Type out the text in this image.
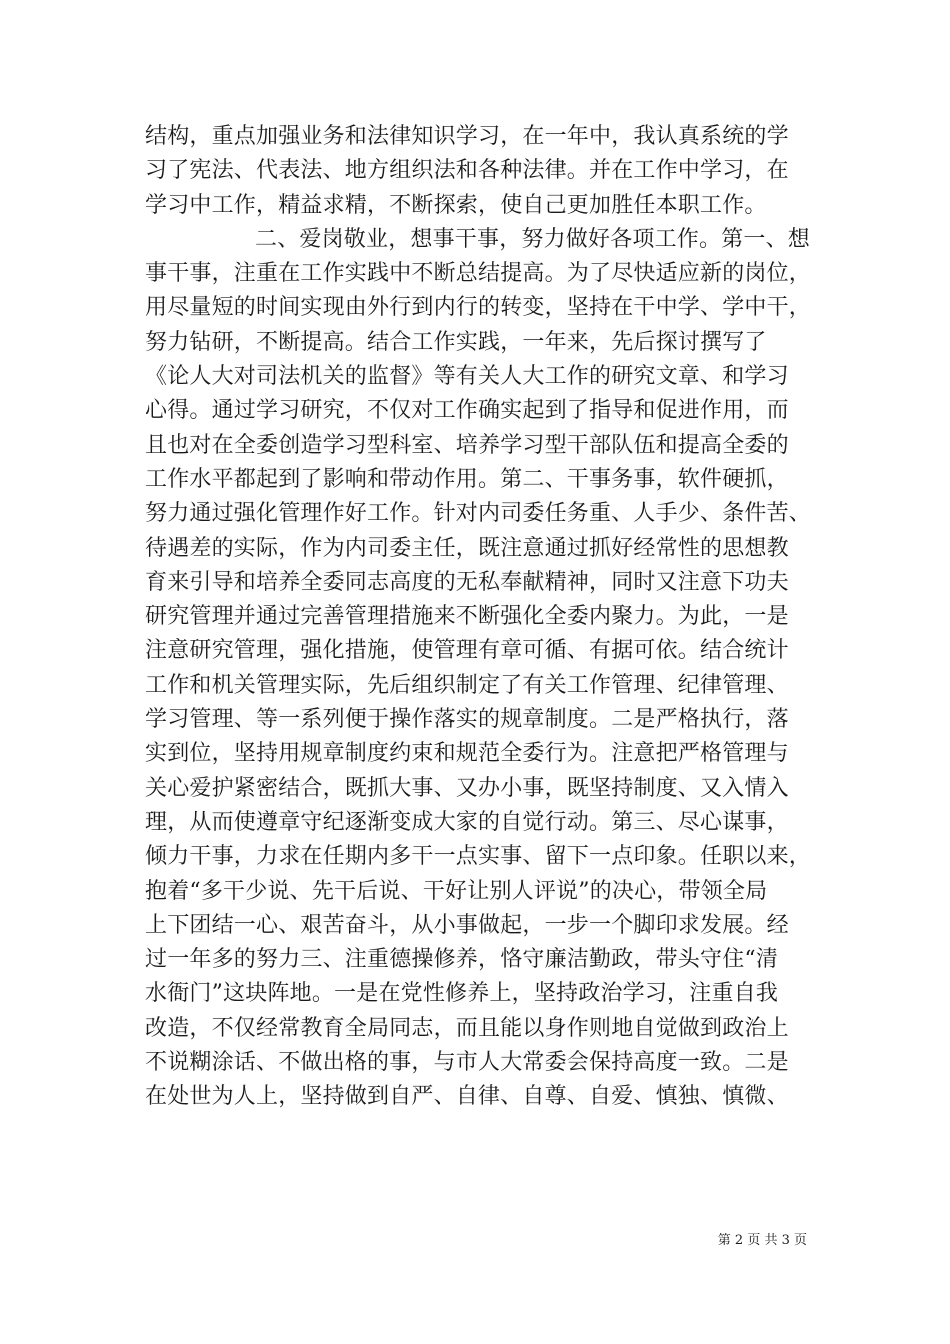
结构，重点加强业务和法律知识学习，在一年中，我认真系统的学
习了宪法、代表法、地方组织法和各种法律。并在工作中学习，在
学习中工作，精益求精，不断探索，使自己更加胜任本职工作。
二、爱岗敬业，想事干事，努力做好各项工作。第一、想
事干事，注重在工作实践中不断总结提高。为了尽快适应新的岗位，
用尽量短的时间实现由外行到内行的转变，坚持在干中学、学中干，
努力钻研，不断提高。结合工作实践，一年来，先后探讨撰写了
《论人大对司法机关的监督》等有关人大工作的研究文章、和学习
心得。通过学习研究，不仅对工作确实起到了指导和促进作用，而
且也对在全委创造学习型科室、培养学习型干部队伍和提高全委的
工作水平都起到了影响和带动作用。第二、干事务事，软件硬抓，
努力通过强化管理作好工作。针对内司委任务重、人手少、条件苦、
待遇差的实际，作为内司委主任，既注意通过抓好经常性的思想教
育来引导和培养全委同志高度的无私奉献精神，同时又注意下功夫
研究管理并通过完善管理措施来不断强化全委内聚力。为此，一是
注意研究管理，强化措施，使管理有章可循、有据可依。结合统计
工作和机关管理实际，先后组织制定了有关工作管理、纪律管理、
学习管理、等一系列便于操作落实的规章制度。二是严格执行，落
实到位，坚持用规章制度约束和规范全委行为。注意把严格管理与
关心爱护紧密结合，既抓大事、又办小事，既坚持制度、又入情入
理，从而使遵章守纪逐渐变成大家的自觉行动。第三、尽心谋事，
倾力干事，力求在任期内多干一点实事、留下一点印象。任职以来，
抱着“多干少说、先干后说、干好让别人评说”的决心，带领全局
上下团结一心、艰苦奋斗，从小事做起，一步一个脚印求发展。经
过一年多的努力三、注重德操修养，恪守廉洁勤政，带头守住“清
水衙门”这块阵地。一是在党性修养上，坚持政治学习，注重自我
改造，不仅经常教育全局同志，而且能以身作则地自觉做到政治上
不说糊涂话、不做出格的事，与市人大常委会保持高度一致。二是
在处世为人上，坚持做到自严、自律、自尊、自爱、慎独、慎微、
第 2 页 共 3 页
